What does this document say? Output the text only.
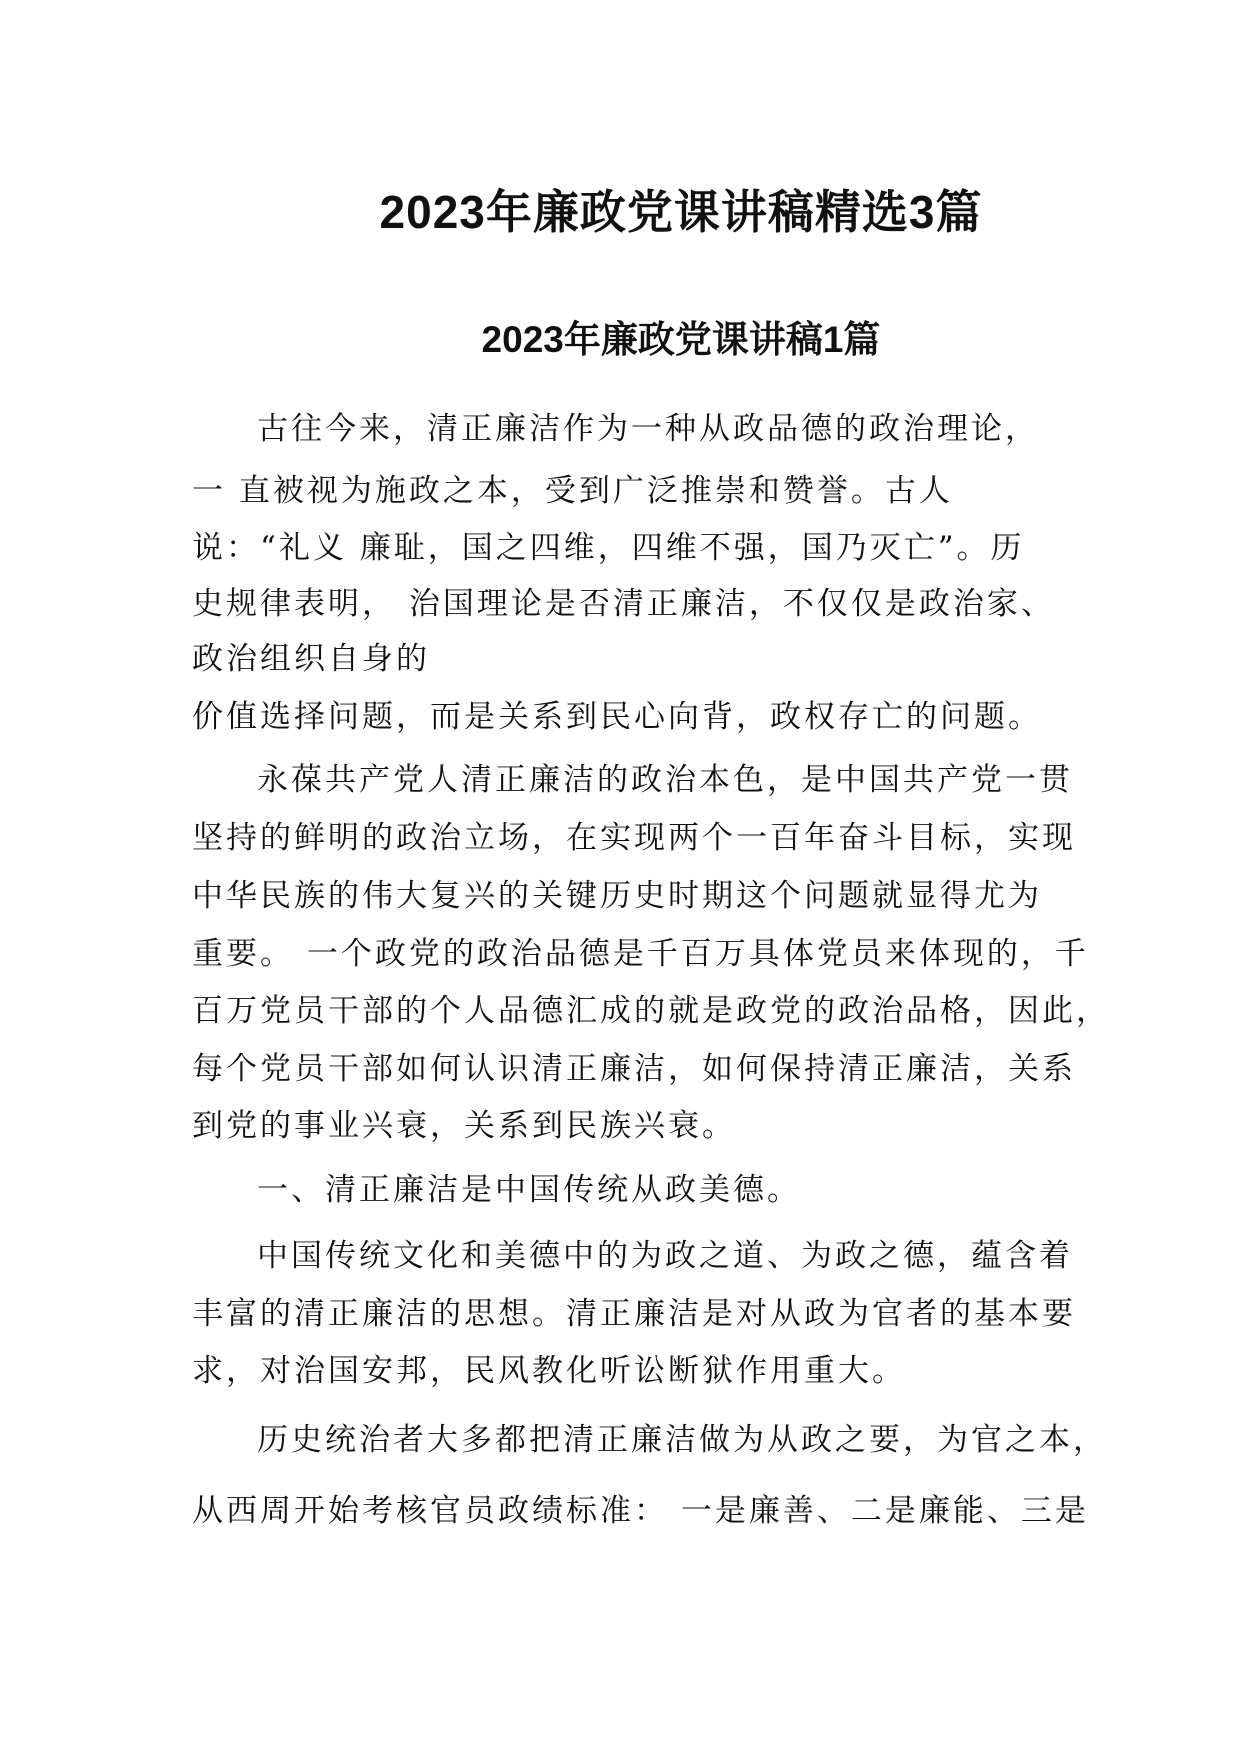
2023年廉政党课讲稿精选3篇
2023年廉政党课讲稿1篇

古往今来，清正廉洁作为一种从政品德的政治理论，

一 直被视为施政之本，受到广泛推崇和赞誉。古人

说：“礼义 廉耻，国之四维，四维不强，国乃灭亡”。历

史规律表明， 治国理论是否清正廉洁，不仅仅是政治家、

政治组织自身的

价值选择问题，而是关系到民心向背，政权存亡的问题。

永葆共产党人清正廉洁的政治本色，是中国共产党一贯

坚持的鲜明的政治立场，在实现两个一百年奋斗目标，实现

中华民族的伟大复兴的关键历史时期这个问题就显得尤为

重要。 一个政党的政治品德是千百万具体党员来体现的，千

百万党员干部的个人品德汇成的就是政党的政治品格，因此，

每个党员干部如何认识清正廉洁，如何保持清正廉洁，关系

到党的事业兴衰，关系到民族兴衰。

一、清正廉洁是中国传统从政美德。

中国传统文化和美德中的为政之道、为政之德，蕴含着

丰富的清正廉洁的思想。清正廉洁是对从政为官者的基本要

求，对治国安邦，民风教化听讼断狱作用重大。

历史统治者大多都把清正廉洁做为从政之要，为官之本，

从西周开始考核官员政绩标准： 一是廉善、二是廉能、三是
